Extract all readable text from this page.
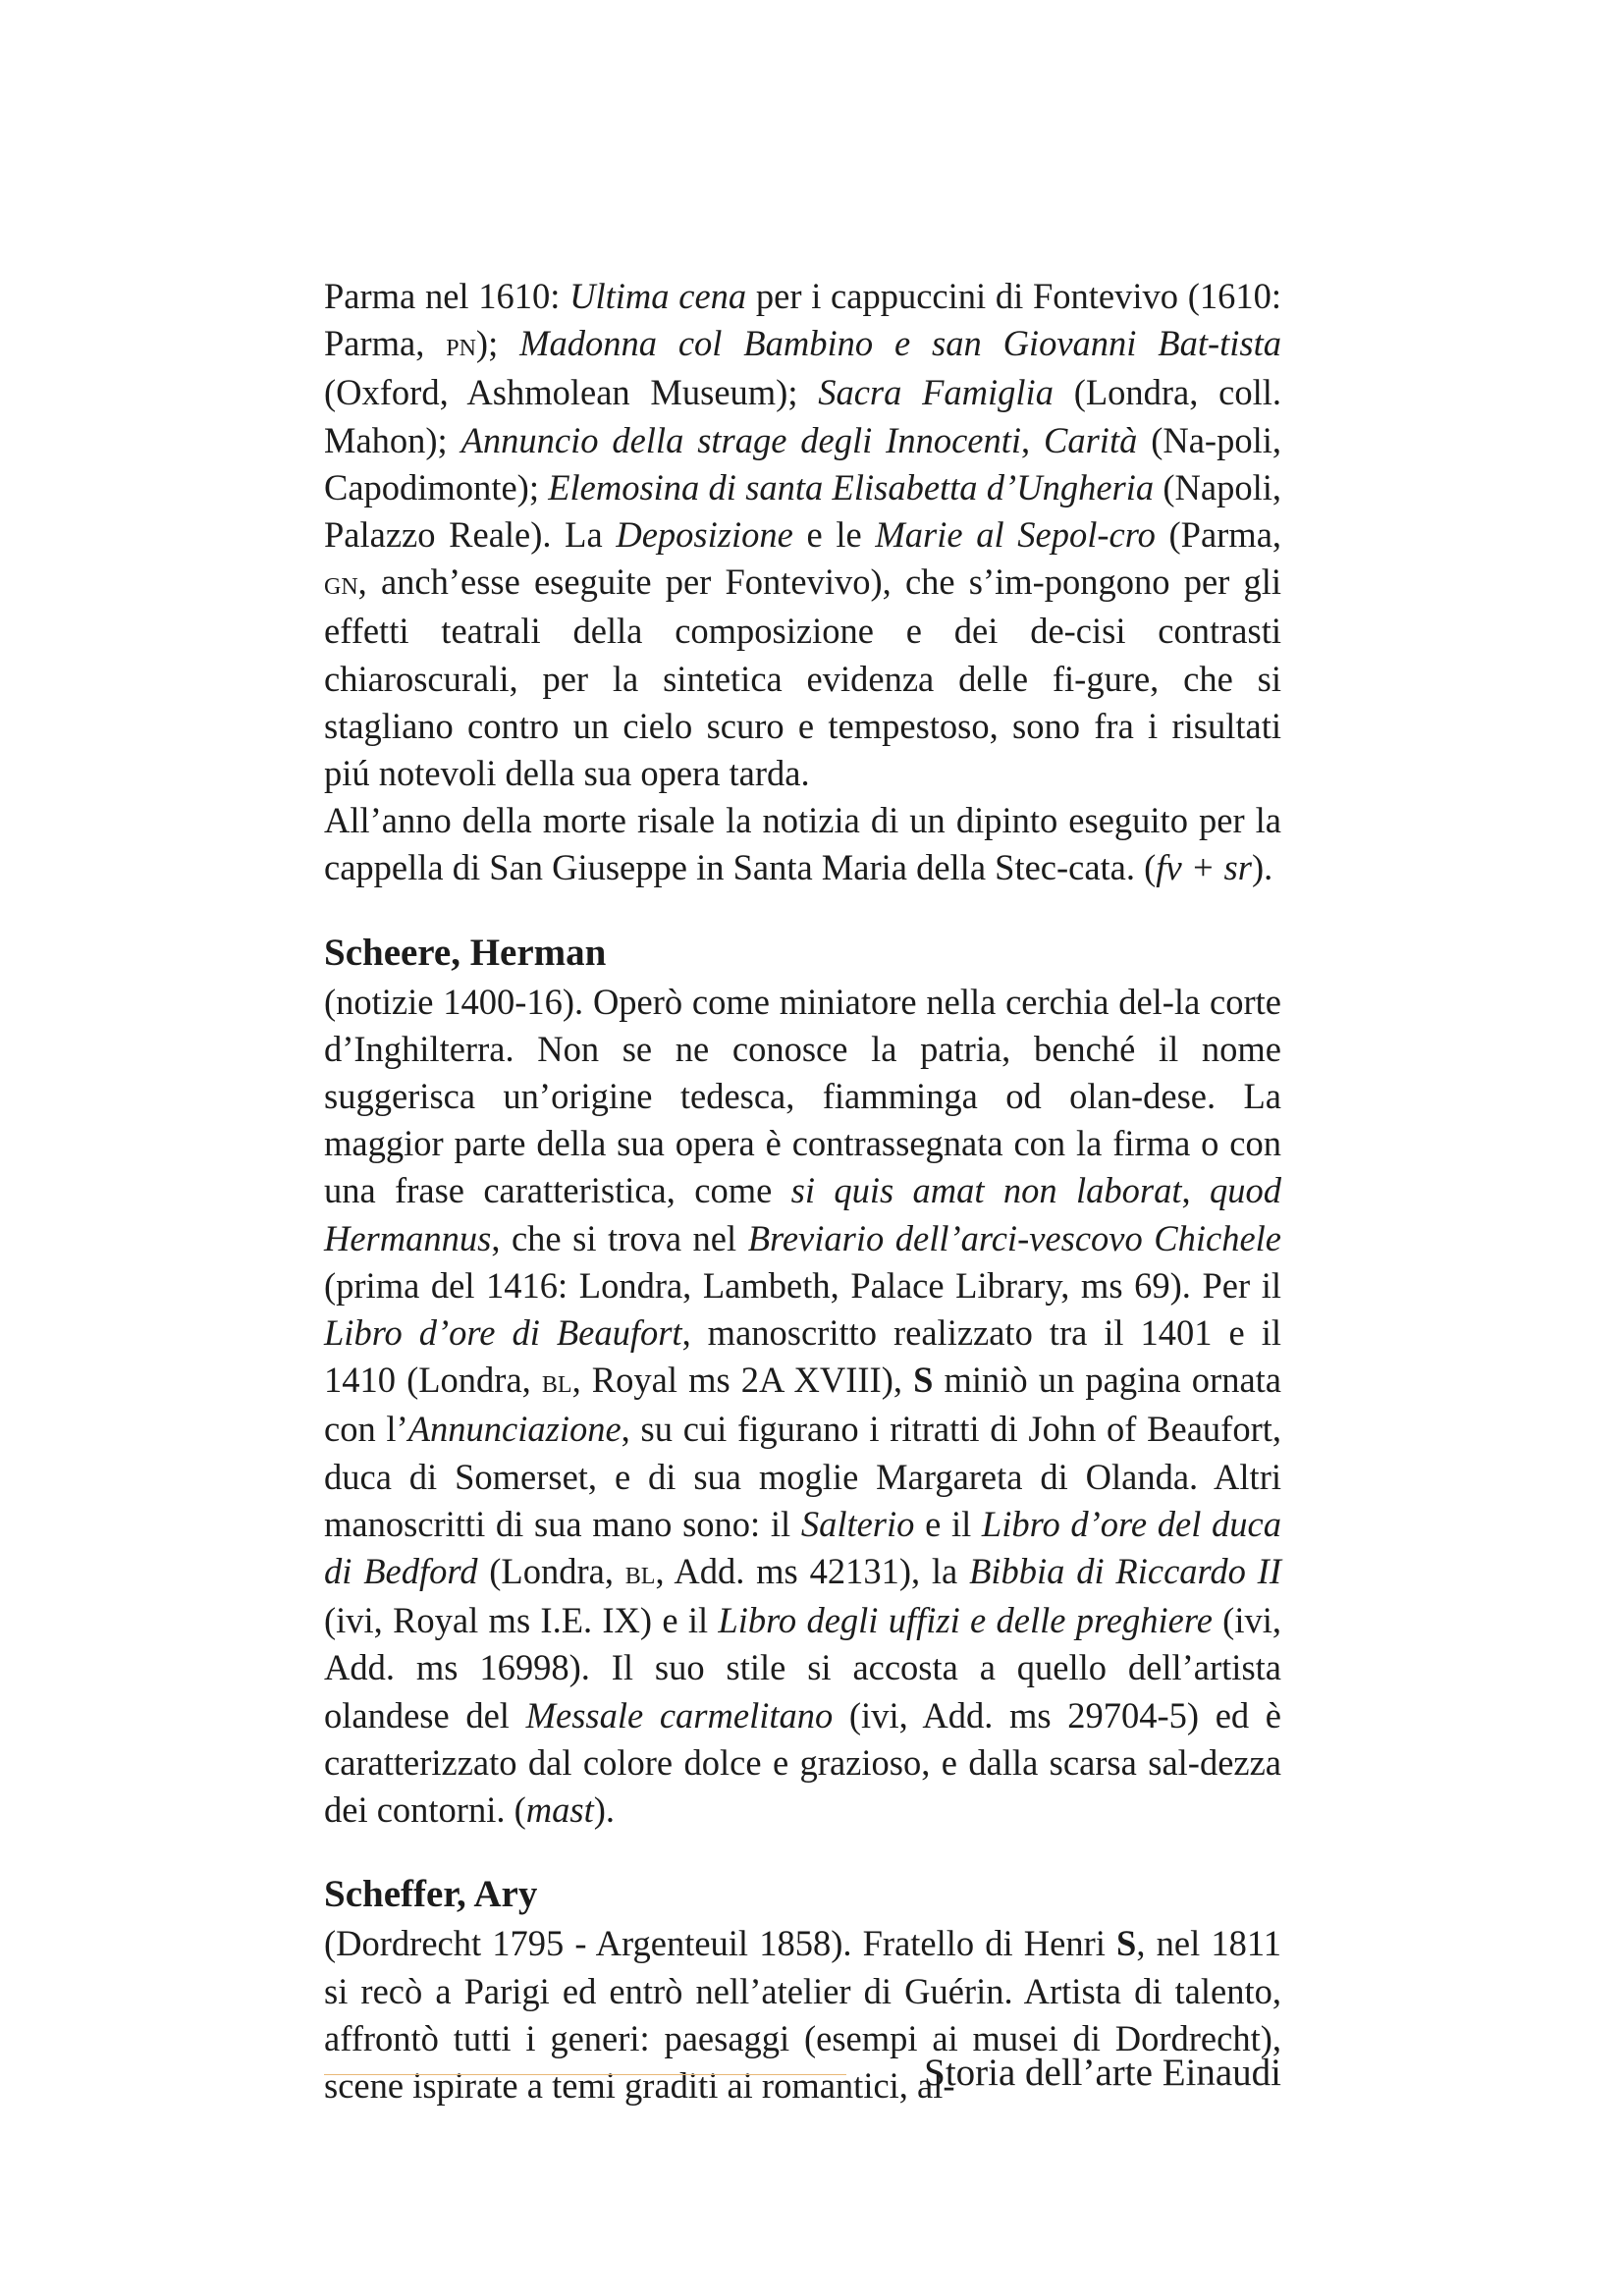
Parma nel 1610: Ultima cena per i cappuccini di Fontevivo (1610: Parma, pn); Madonna col Bambino e san Giovanni Bat-tista (Oxford, Ashmolean Museum); Sacra Famiglia (Londra, coll. Mahon); Annuncio della strage degli Innocenti, Carità (Na-poli, Capodimonte); Elemosina di santa Elisabetta d’Ungheria (Napoli, Palazzo Reale). La Deposizione e le Marie al Sepol-cro (Parma, gn, anch’esse eseguite per Fontevivo), che s’im-pongono per gli effetti teatrali della composizione e dei de-cisi contrasti chiaroscurali, per la sintetica evidenza delle fi-gure, che si stagliano contro un cielo scuro e tempestoso, sono fra i risultati piú notevoli della sua opera tarda.

All’anno della morte risale la notizia di un dipinto eseguito per la cappella di San Giuseppe in Santa Maria della Stec-cata. (fv + sr).

Scheere, Herman

(notizie 1400-16). Operò come miniatore nella cerchia del-la corte d’Inghilterra. Non se ne conosce la patria, benché il nome suggerisca un’origine tedesca, fiamminga od olan-dese. La maggior parte della sua opera è contrassegnata con la firma o con una frase caratteristica, come si quis amat non laborat, quod Hermannus, che si trova nel Breviario dell’arci-vescovo Chichele (prima del 1416: Londra, Lambeth, Palace Library, ms 69). Per il Libro d’ore di Beaufort, manoscritto realizzato tra il 1401 e il 1410 (Londra, bl, Royal ms 2A XVIII), S miniò un pagina ornata con l’Annunciazione, su cui figurano i ritratti di John of Beaufort, duca di Somerset, e di sua moglie Margareta di Olanda. Altri manoscritti di sua mano sono: il Salterio e il Libro d’ore del duca di Bedford (Londra, bl, Add. ms 42131), la Bibbia di Riccardo II (ivi, Royal ms I.E. IX) e il Libro degli uffizi e delle preghiere (ivi, Add. ms 16998). Il suo stile si accosta a quello dell’artista olandese del Messale carmelitano (ivi, Add. ms 29704-5) ed è caratterizzato dal colore dolce e grazioso, e dalla scarsa sal-dezza dei contorni. (mast).

Scheffer, Ary

(Dordrecht 1795 - Argenteuil 1858). Fratello di Henri S, nel 1811 si recò a Parigi ed entrò nell’atelier di Guérin. Artista di talento, affrontò tutti i generi: paesaggi (esempi ai musei di Dordrecht), scene ispirate a temi graditi ai romantici, al-

Storia dell’arte Einaudi
